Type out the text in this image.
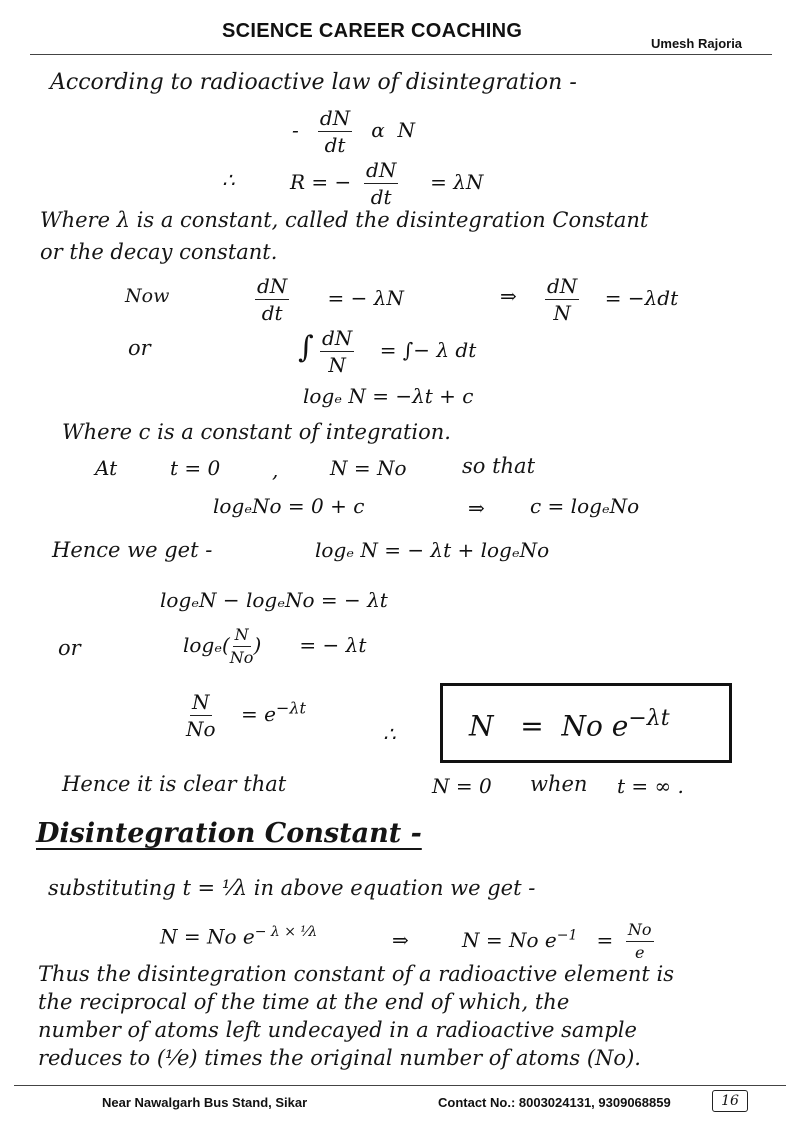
SCIENCE CAREER COACHING
Umesh Rajoria
According to radioactive law of disintegration -
- $\frac{dN}{dt}$ α N
∴	R = − $\frac{dN}{dt} = \lambda N$
Where λ is a constant, called the disintegration Constant
or the decay constant.
Now	$\frac{dN}{dt}$ = − λN	⇒ $\frac{dN}{N} = -\lambda dt$
or	∫ $\frac{dN}{N}$ = ∫− λ dt
logₑ N = −λt + c
Where c is a constant of integration.
At	t = 0	,	N = No	so that
logₑNo = 0 + c	⇒ c = logₑNo
Hence we get -	logₑ N = − λt + logₑNo
logₑN − logₑNo = − λt
or	$\log_e( \frac{N}{No}$ ) = − λt
$\frac{N}{No} = e^{-\lambda t}$
∴	N = No $e^{-\lambda t}$
Hence it is clear that	N = 0 when t = ∞ .
Disintegration Constant -
substituting t = ¹⁄λ in above equation we get -
N = No $e^{- \lambda \times ^1⁄\lambda}$	⇒	N = No $e^{-1} = \frac{No}{e}$
Thus the disintegration constant of a radioactive element is
the reciprocal of the time at the end of which, the
number of atoms left undecayed in a radioactive sample
reduces to (¹⁄e) times the original number of atoms (No).
Near Nawalgarh Bus Stand, Sikar	Contact No.: 8003024131, 9309068859	16
